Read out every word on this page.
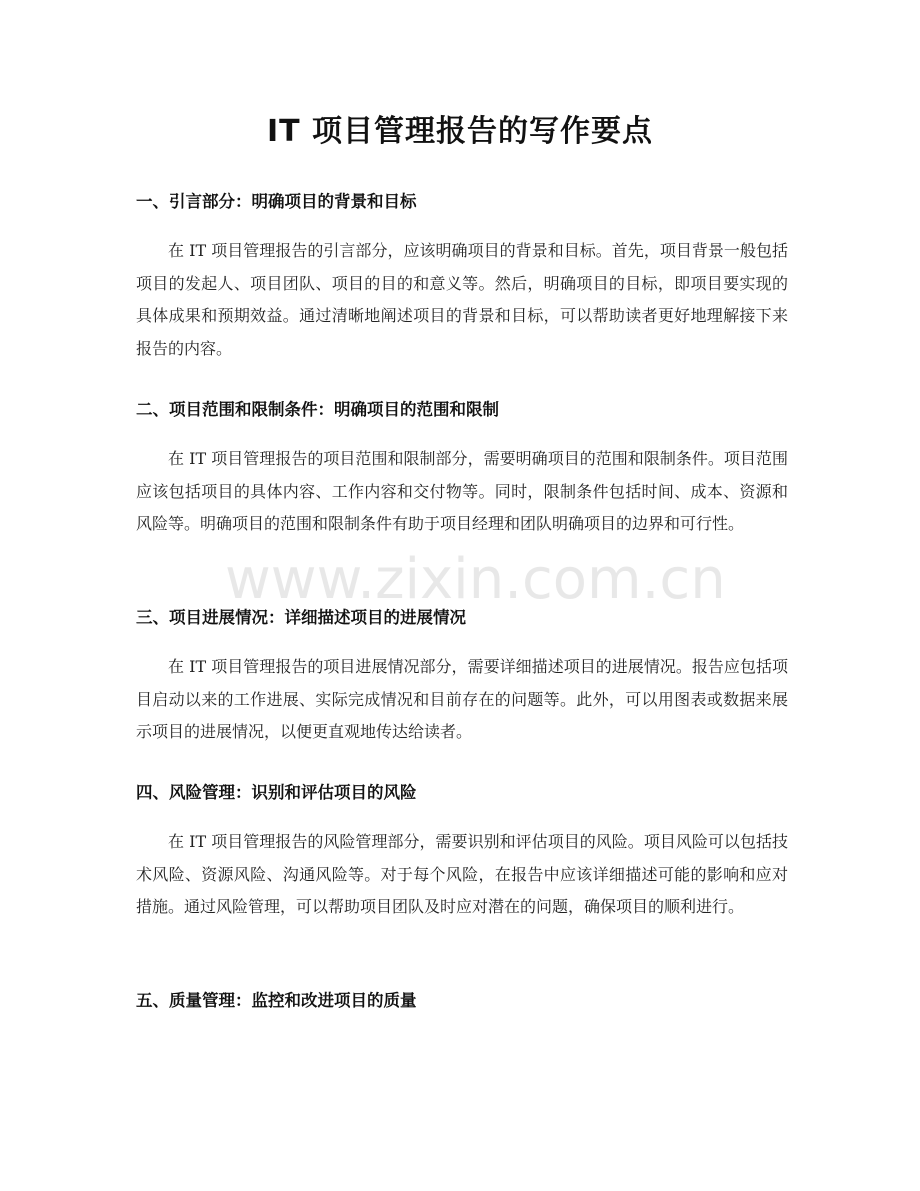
IT 项目管理报告的写作要点
一、引言部分：明确项目的背景和目标

在 IT 项目管理报告的引言部分，应该明确项目的背景和目标。首先，项目背景一般包括项目的发起人、项目团队、项目的目的和意义等。然后，明确项目的目标，即项目要实现的具体成果和预期效益。通过清晰地阐述项目的背景和目标，可以帮助读者更好地理解接下来报告的内容。

二、项目范围和限制条件：明确项目的范围和限制

在 IT 项目管理报告的项目范围和限制部分，需要明确项目的范围和限制条件。项目范围应该包括项目的具体内容、工作内容和交付物等。同时，限制条件包括时间、成本、资源和风险等。明确项目的范围和限制条件有助于项目经理和团队明确项目的边界和可行性。

三、项目进展情况：详细描述项目的进展情况

在 IT 项目管理报告的项目进展情况部分，需要详细描述项目的进展情况。报告应包括项目启动以来的工作进展、实际完成情况和目前存在的问题等。此外，可以用图表或数据来展示项目的进展情况，以便更直观地传达给读者。

四、风险管理：识别和评估项目的风险

在 IT 项目管理报告的风险管理部分，需要识别和评估项目的风险。项目风险可以包括技术风险、资源风险、沟通风险等。对于每个风险，在报告中应该详细描述可能的影响和应对措施。通过风险管理，可以帮助项目团队及时应对潜在的问题，确保项目的顺利进行。

五、质量管理：监控和改进项目的质量
www.zixin.com.cn
